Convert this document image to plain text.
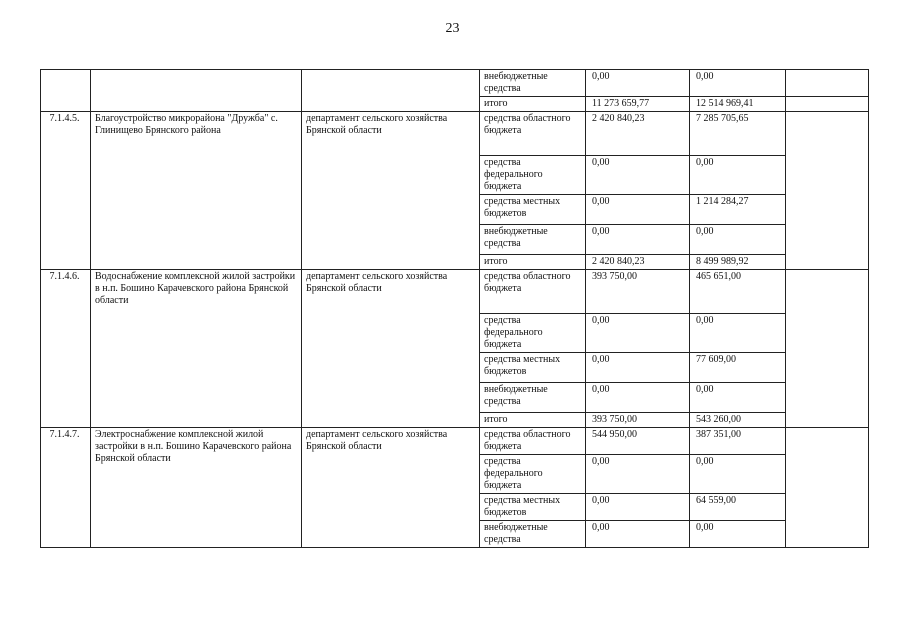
23
			внебюджетные средства	0,00	0,00	
			итого	11 273 659,77	12 514 969,41	
7.1.4.5.	Благоустройство микрорайона "Дружба" с. Глинищево Брянского района	департамент сельского хозяйства Брянской области	средства областного бюджета	2 420 840,23	7 285 705,65	
			средства федерального бюджета	0,00	0,00	
			средства местных бюджетов	0,00	1 214 284,27	
			внебюджетные средства	0,00	0,00	
			итого	2 420 840,23	8 499 989,92	
7.1.4.6.	Водоснабжение комплексной жилой застройки в н.п. Бошино Карачевского района Брянской области	департамент сельского хозяйства Брянской области	средства областного бюджета	393 750,00	465 651,00	
			средства федерального бюджета	0,00	0,00	
			средства местных бюджетов	0,00	77 609,00	
			внебюджетные средства	0,00	0,00	
			итого	393 750,00	543 260,00	
7.1.4.7.	Электроснабжение комплексной жилой застройки в н.п. Бошино Карачевского района Брянской области	департамент сельского хозяйства Брянской области	средства областного бюджета	544 950,00	387 351,00	
			средства федерального бюджета	0,00	0,00	
			средства местных бюджетов	0,00	64 559,00	
			внебюджетные средства	0,00	0,00	
